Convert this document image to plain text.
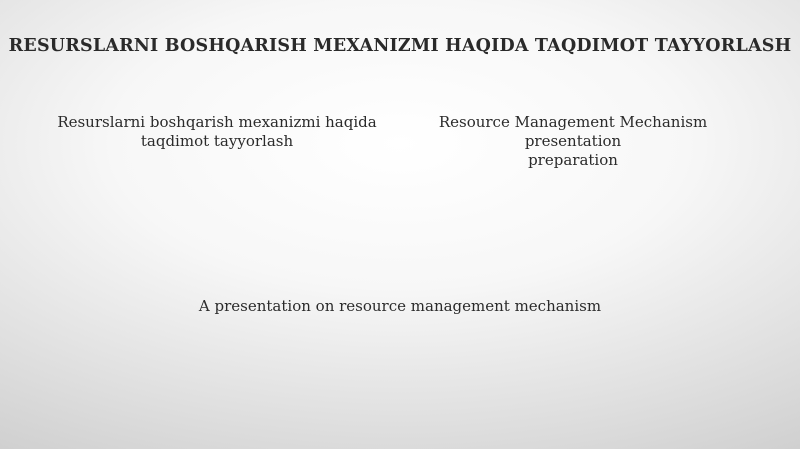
RESURSLARNI BOSHQARISH MEXANIZMI HAQIDA TAQDIMOT TAYYORLASH
Resurslarni boshqarish mexanizmi haqida
taqdimot tayyorlash
Resource Management Mechanism presentation
preparation
A presentation on resource management mechanism
